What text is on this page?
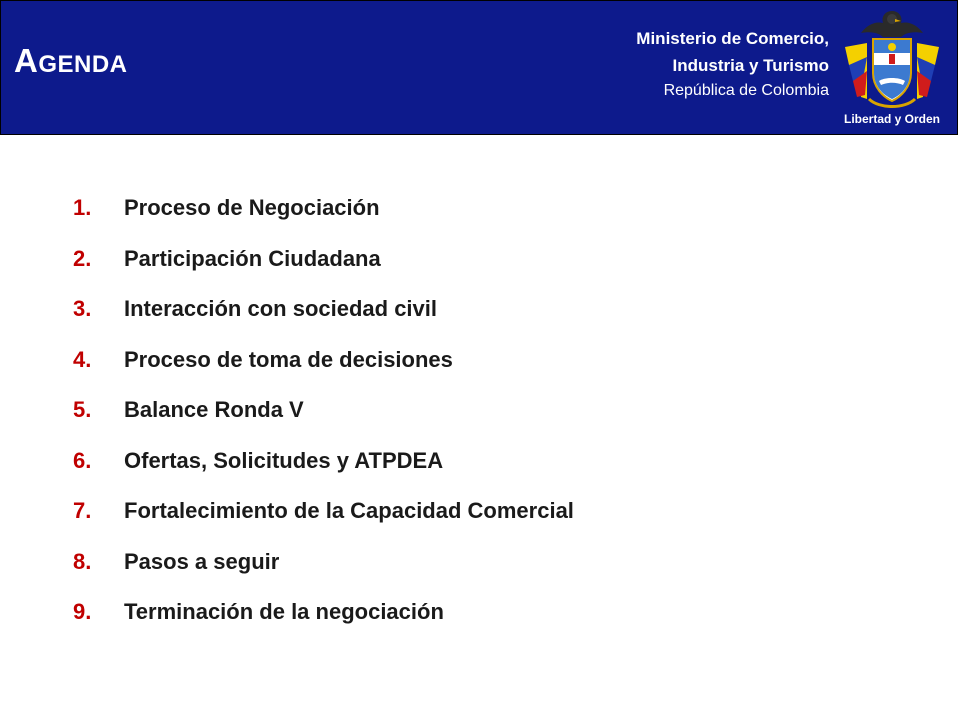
AGENDA
Ministerio de Comercio,
Industria y Turismo
República de Colombia
Libertad y Orden
1.	Proceso de Negociación
2.	Participación Ciudadana
3.	Interacción con sociedad civil
4.	Proceso de toma de decisiones
5.	Balance Ronda V
6.	Ofertas, Solicitudes y ATPDEA
7.	Fortalecimiento de la Capacidad Comercial
8.	Pasos a seguir
9.	Terminación de la negociación
